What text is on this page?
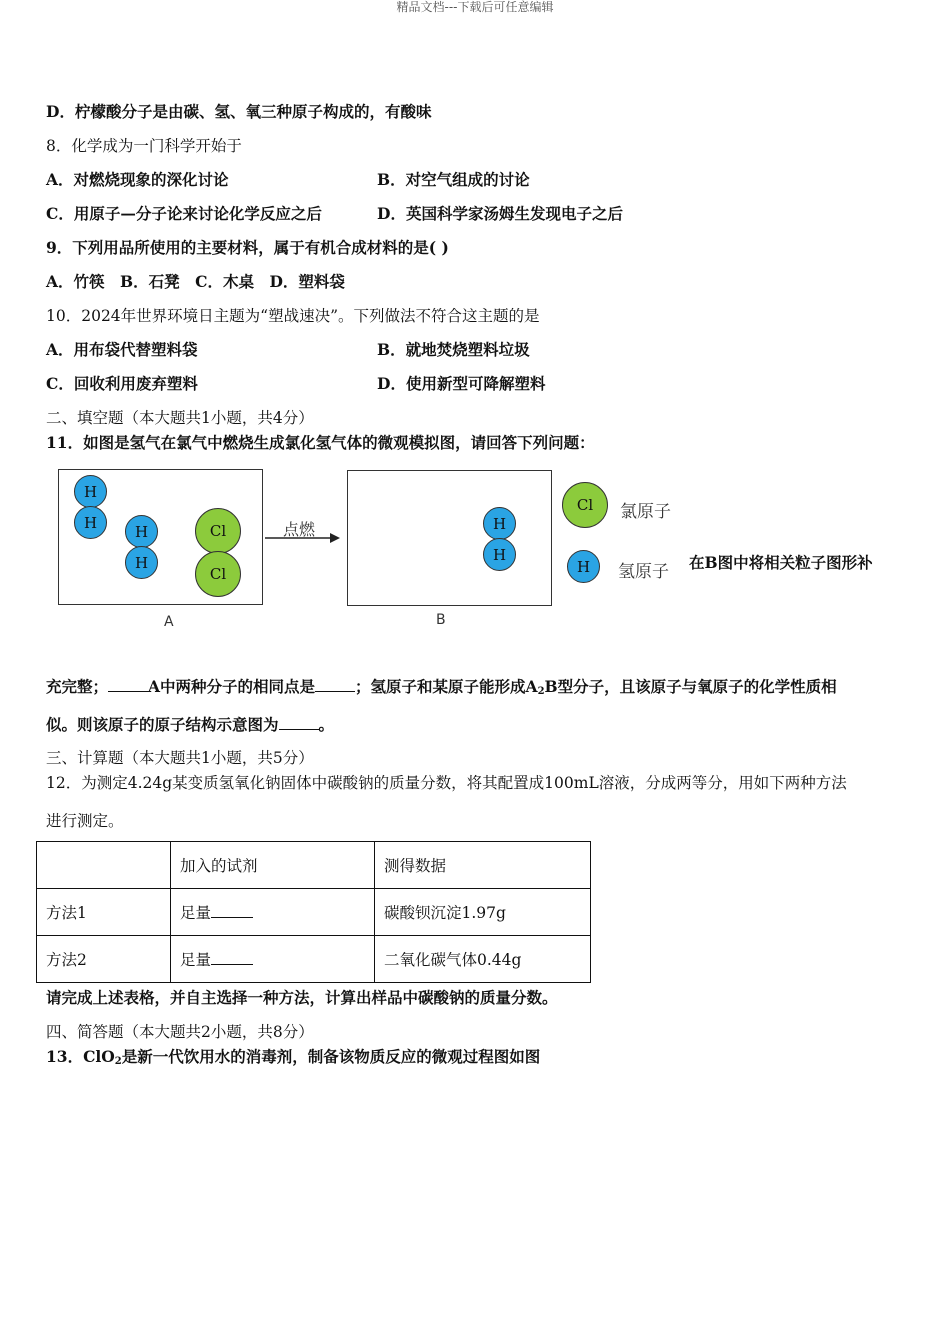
精品文档---下载后可任意编辑
D．柠檬酸分子是由碳、氢、氧三种原子构成的，有酸味
8．化学成为一门科学开始于
A．对燃烧现象的深化讨论	B．对空气组成的讨论
C．用原子—分子论来讨论化学反应之后	D．英国科学家汤姆生发现电子之后
9．下列用品所使用的主要材料，属于有机合成材料的是( )
A．竹筷　B．石凳　C．木桌　D．塑料袋
10．2024年世界环境日主题为“塑战速决”。下列做法不符合这主题的是
A．用布袋代替塑料袋	B．就地焚烧塑料垃圾
C．回收利用废弃塑料	D．使用新型可降解塑料
二、填空题（本大题共1小题，共4分）
11．如图是氢气在氯气中燃烧生成氯化氢气体的微观模拟图，请回答下列问题：
H
H	H
H
Cl
Cl
点燃	H
H
A	B
Cl	氯原子
H	氢原子 在B图中将相关粒子图形补
充完整；	A中两种分子的相同点是	；氢原子和某原子能形成$A_2B$型分子，且该原子与氧原子的化学性质相
似。则该原子的原子结构示意图为	。
三、计算题（本大题共1小题，共5分）
12．为测定4.24g某变质氢氧化钠固体中碳酸钠的质量分数，将其配置成100mL溶液，分成两等分，用如下两种方法
进行测定。
	加入的试剂	测得数据
方法1	足量	碳酸钡沉淀1.97g
方法2	足量	二氧化碳气体0.44g
请完成上述表格，并自主选择一种方法，计算出样品中碳酸钠的质量分数。
四、简答题（本大题共2小题，共8分）
13．ClO$_2$是新一代饮用水的消毒剂，制备该物质反应的微观过程图如图
